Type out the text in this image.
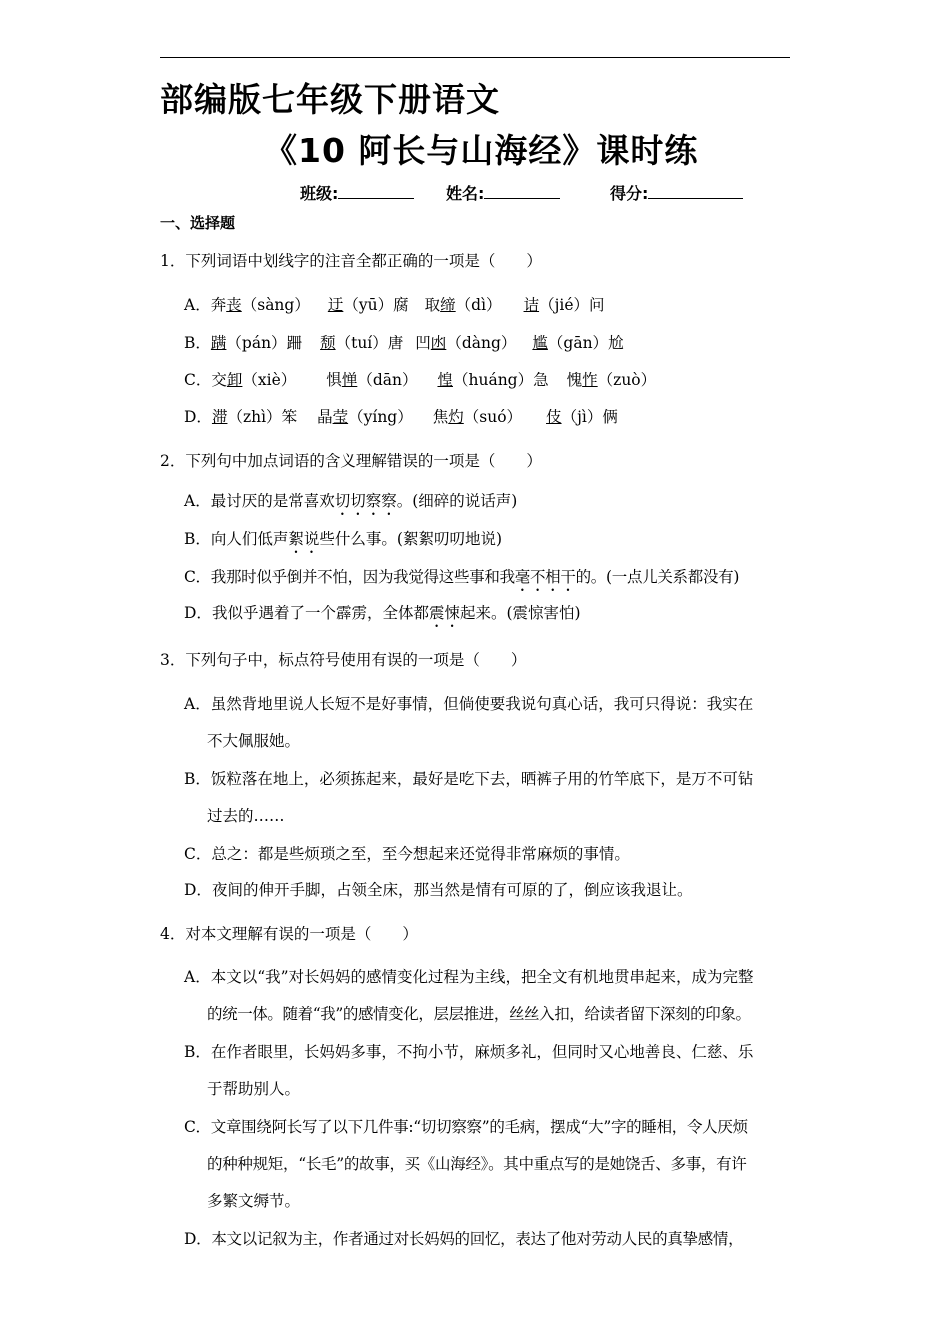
部编版七年级下册语文
《10 阿长与山海经》课时练
班级:	姓名:	得分:
一、选择题
1．下列词语中划线字的注音全都正确的一项是（　　）
A．奔丧（sàng） 迂（yū）腐 取缔（dì） 诘（jié）问
B．蹒（pán）跚 颓（tuí）唐 凹凼（dàng） 尴（gān）尬
C．交卸（xiè） 惧惮（dān） 惶（huáng）急 愧怍（zuò）
D．滞（zhì）笨 晶莹（yíng） 焦灼（suó） 伎（jì）俩
2．下列句中加点词语的含义理解错误的一项是（　　）
A．最讨厌的是常喜欢切切察察。(细碎的说话声)
B．向人们低声絮说些什么事。(絮絮叨叨地说)
C．我那时似乎倒并不怕，因为我觉得这些事和我毫不相干的。(一点儿关系都没有)
D．我似乎遇着了一个霹雳，全体都震悚起来。(震惊害怕)
3．下列句子中，标点符号使用有误的一项是（　　）
A．虽然背地里说人长短不是好事情，但倘使要我说句真心话，我可只得说：我实在
不大佩服她。
B．饭粒落在地上，必须拣起来，最好是吃下去，晒裤子用的竹竿底下，是万不可钻
过去的……
C．总之：都是些烦琐之至，至今想起来还觉得非常麻烦的事情。
D．夜间的伸开手脚，占领全床，那当然是情有可原的了，倒应该我退让。
4．对本文理解有误的一项是（　　）
A．本文以“我”对长妈妈的感情变化过程为主线，把全文有机地贯串起来，成为完整
的统一体。随着“我”的感情变化，层层推进，丝丝入扣，给读者留下深刻的印象。
B．在作者眼里，长妈妈多事，不拘小节，麻烦多礼，但同时又心地善良、仁慈、乐
于帮助别人。
C．文章围绕阿长写了以下几件事:“切切察察”的毛病，摆成“大”字的睡相，令人厌烦
的种种规矩，“长毛”的故事，买《山海经》。其中重点写的是她饶舌、多事，有许
多繁文缛节。
D．本文以记叙为主，作者通过对长妈妈的回忆，表达了他对劳动人民的真挚感情，
